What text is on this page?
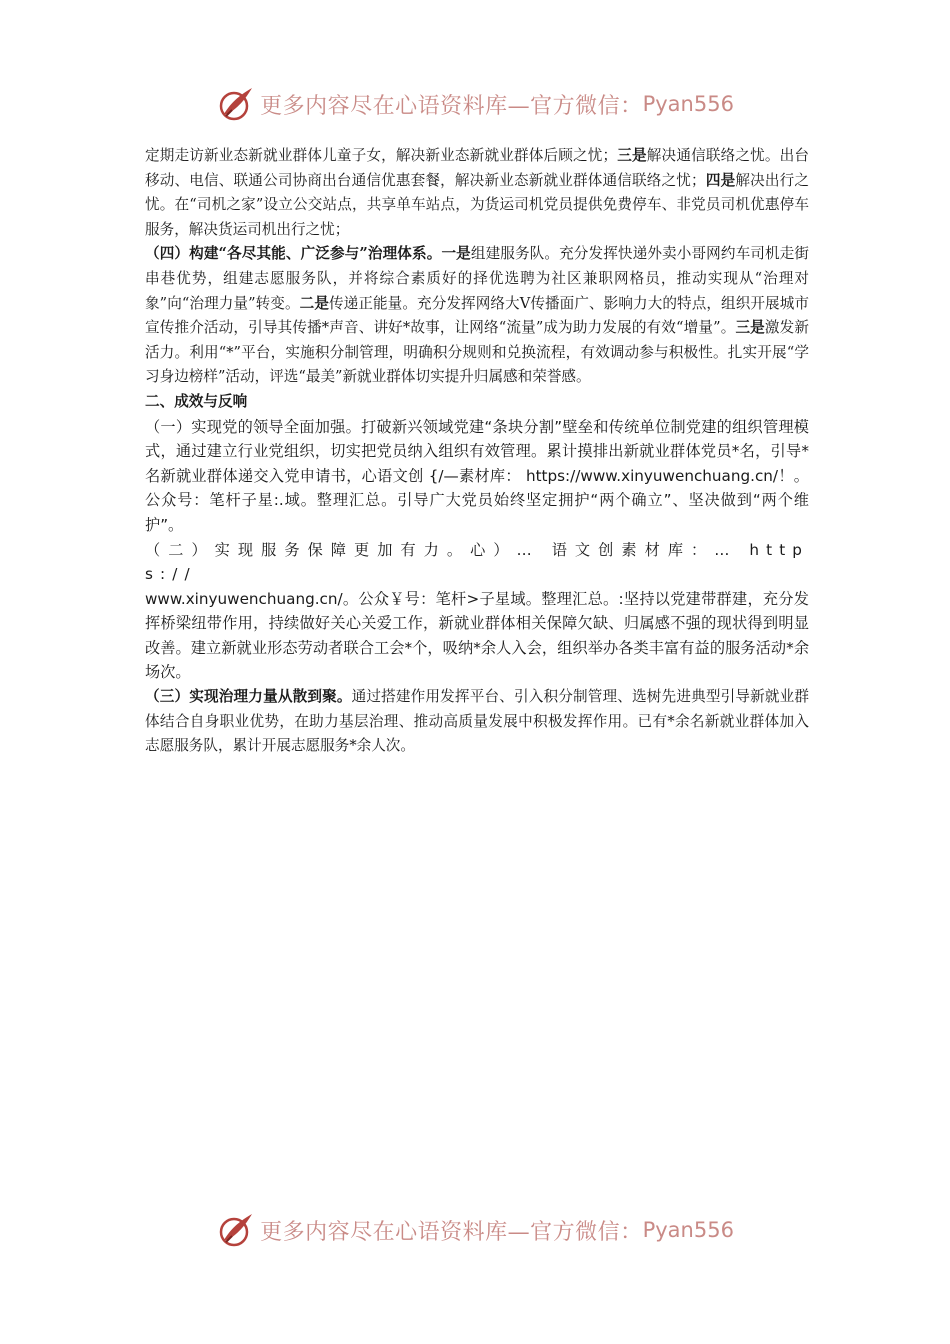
更多内容尽在心语资料库—官方微信： Pyan556

定期走访新业态新就业群体儿童子女，解决新业态新就业群体后顾之忧；三是解决通信联络之忧。出台移动、电信、联通公司协商出台通信优惠套餐，解决新业态新就业群体通信联络之忧；四是解决出行之忧。在“司机之家”设立公交站点，共享单车站点，为货运司机党员提供免费停车、非党员司机优惠停车服务，解决货运司机出行之忧；

（四）构建“各尽其能、广泛参与”治理体系。一是组建服务队。充分发挥快递外卖小哥网约车司机走街串巷优势，组建志愿服务队，并将综合素质好的择优选聘为社区兼职网格员，推动实现从“治理对象”向“治理力量”转变。二是传递正能量。充分发挥网络大V传播面广、影响力大的特点，组织开展城市宣传推介活动，引导其传播*声音、讲好*故事，让网络“流量”成为助力发展的有效“增量”。三是激发新活力。利用“*”平台，实施积分制管理，明确积分规则和兑换流程，有效调动参与积极性。扎实开展“学习身边榜样”活动，评选“最美”新就业群体切实提升归属感和荣誉感。

二、成效与反响

（一）实现党的领导全面加强。打破新兴领域党建“条块分割”壁垒和传统单位制党建的组织管理模式，通过建立行业党组织，切实把党员纳入组织有效管理。累计摸排出新就业群体党员*名，引导*名新就业群体递交入党申请书，心语文创 {/—素材库： https://www.xinyuwenchuang.cn/！。公众号：笔杆子星:.域。整理汇总。引导广大党员始终坚定拥护“两个确立”、坚决做到“两个维护”。

（二）实现服务保障更加有力。心）… 语文创素材库：… https://

www.xinyuwenchuang.cn/。公众￥号：笔杆>子星域。整理汇总。:坚持以党建带群建，充分发挥桥梁纽带作用，持续做好关心关爱工作，新就业群体相关保障欠缺、归属感不强的现状得到明显改善。建立新就业形态劳动者联合工会*个，吸纳*余人入会，组织举办各类丰富有益的服务活动*余场次。

（三）实现治理力量从散到聚。通过搭建作用发挥平台、引入积分制管理、选树先进典型引导新就业群体结合自身职业优势，在助力基层治理、推动高质量发展中积极发挥作用。已有*余名新就业群体加入志愿服务队，累计开展志愿服务*余人次。

更多内容尽在心语资料库—官方微信： Pyan556
